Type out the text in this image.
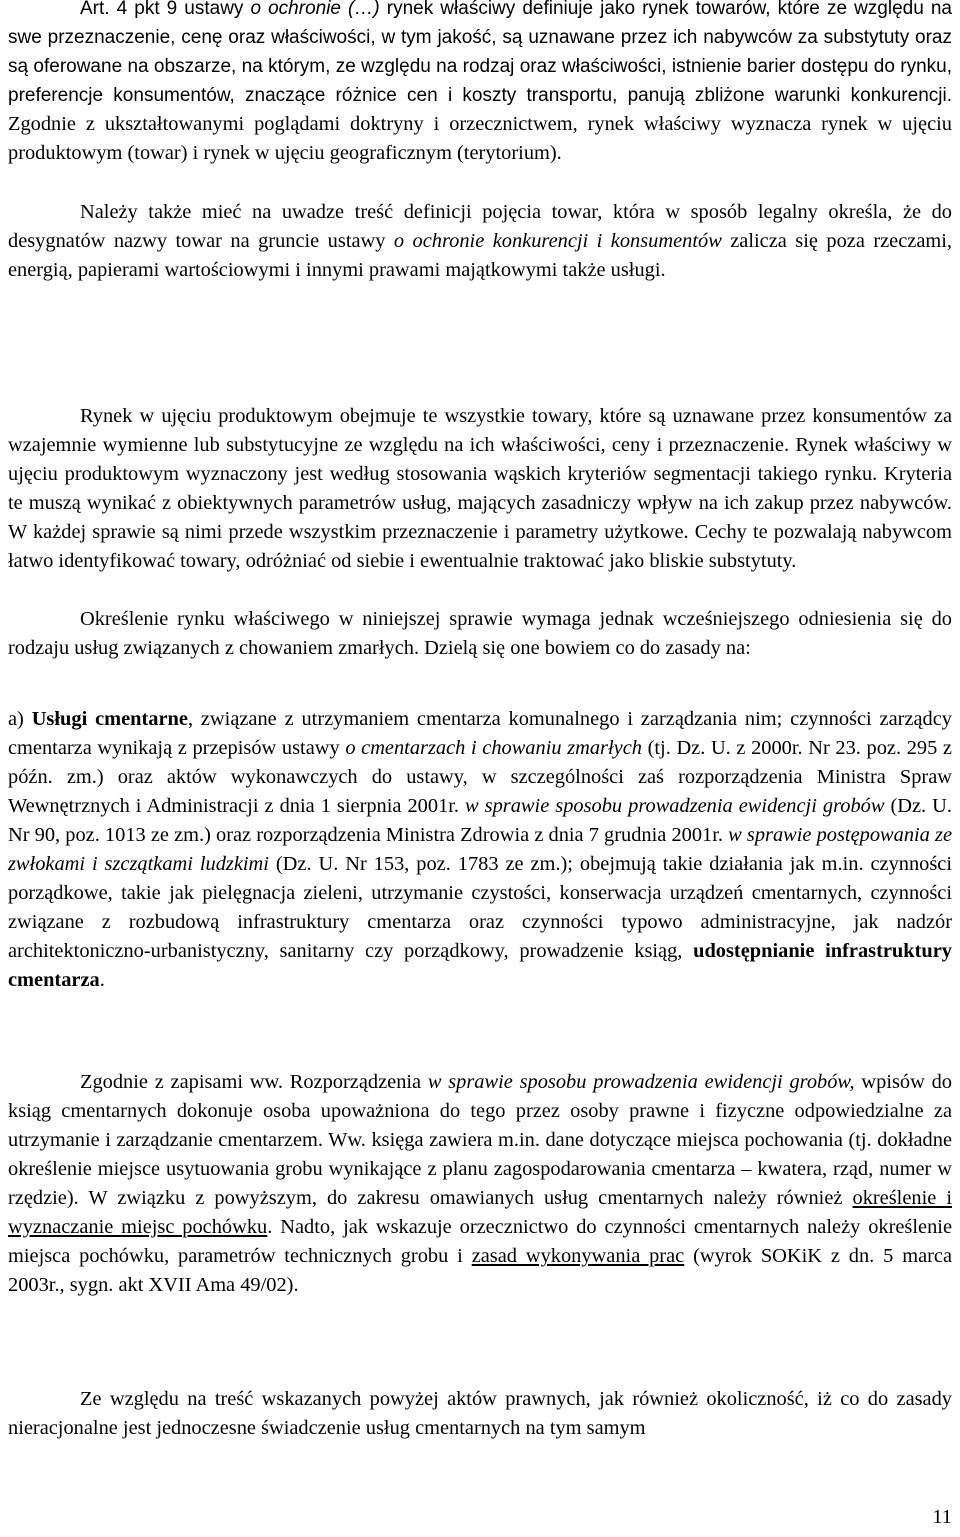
Art. 4 pkt 9 ustawy o ochronie (…) rynek właściwy definiuje jako rynek towarów, które ze względu na swe przeznaczenie, cenę oraz właściwości, w tym jakość, są uznawane przez ich nabywców za substytuty oraz są oferowane na obszarze, na którym, ze względu na rodzaj oraz właściwości, istnienie barier dostępu do rynku, preferencje konsumentów, znaczące różnice cen i koszty transportu, panują zbliżone warunki konkurencji. Zgodnie z ukształtowanymi poglądami doktryny i orzecznictwem, rynek właściwy wyznacza rynek w ujęciu produktowym (towar) i rynek w ujęciu geograficznym (terytorium).

Należy także mieć na uwadze treść definicji pojęcia towar, która w sposób legalny określa, że do desygnatów nazwy towar na gruncie ustawy o ochronie konkurencji i konsumentów zalicza się poza rzeczami, energią, papierami wartościowymi i innymi prawami majątkowymi także usługi.

Rynek w ujęciu produktowym obejmuje te wszystkie towary, które są uznawane przez konsumentów za wzajemnie wymienne lub substytucyjne ze względu na ich właściwości, ceny i przeznaczenie. Rynek właściwy w ujęciu produktowym wyznaczony jest według stosowania wąskich kryteriów segmentacji takiego rynku. Kryteria te muszą wynikać z obiektywnych parametrów usług, mających zasadniczy wpływ na ich zakup przez nabywców. W każdej sprawie są nimi przede wszystkim przeznaczenie i parametry użytkowe. Cechy te pozwalają nabywcom łatwo identyfikować towary, odróżniać od siebie i ewentualnie traktować jako bliskie substytuty.

Określenie rynku właściwego w niniejszej sprawie wymaga jednak wcześniejszego odniesienia się do rodzaju usług związanych z chowaniem zmarłych. Dzielą się one bowiem co do zasady na:

a) Usługi cmentarne, związane z utrzymaniem cmentarza komunalnego i zarządzania nim; czynności zarządcy cmentarza wynikają z przepisów ustawy o cmentarzach i chowaniu zmarłych (tj. Dz. U. z 2000r. Nr 23. poz. 295 z późn. zm.) oraz aktów wykonawczych do ustawy, w szczególności zaś rozporządzenia Ministra Spraw Wewnętrznych i Administracji z dnia 1 sierpnia 2001r. w sprawie sposobu prowadzenia ewidencji grobów (Dz. U. Nr 90, poz. 1013 ze zm.) oraz rozporządzenia Ministra Zdrowia z dnia 7 grudnia 2001r. w sprawie postępowania ze zwłokami i szczątkami ludzkimi (Dz. U. Nr 153, poz. 1783 ze zm.); obejmują takie działania jak m.in. czynności porządkowe, takie jak pielęgnacja zieleni, utrzymanie czystości, konserwacja urządzeń cmentarnych, czynności związane z rozbudową infrastruktury cmentarza oraz czynności typowo administracyjne, jak nadzór architektoniczno-urbanistyczny, sanitarny czy porządkowy, prowadzenie ksiąg, udostępnianie infrastruktury cmentarza.

Zgodnie z zapisami ww. Rozporządzenia w sprawie sposobu prowadzenia ewidencji grobów, wpisów do ksiąg cmentarnych dokonuje osoba upoważniona do tego przez osoby prawne i fizyczne odpowiedzialne za utrzymanie i zarządzanie cmentarzem. Ww. księga zawiera m.in. dane dotyczące miejsca pochowania (tj. dokładne określenie miejsce usytuowania grobu wynikające z planu zagospodarowania cmentarza – kwatera, rząd, numer w rzędzie). W związku z powyższym, do zakresu omawianych usług cmentarnych należy również określenie i wyznaczanie miejsc pochówku. Nadto, jak wskazuje orzecznictwo do czynności cmentarnych należy określenie miejsca pochówku, parametrów technicznych grobu i zasad wykonywania prac (wyrok SOKiK z dn. 5 marca 2003r., sygn. akt XVII Ama 49/02).

Ze względu na treść wskazanych powyżej aktów prawnych, jak również okoliczność, iż co do zasady nieracjonalne jest jednoczesne świadczenie usług cmentarnych na tym samym

11
